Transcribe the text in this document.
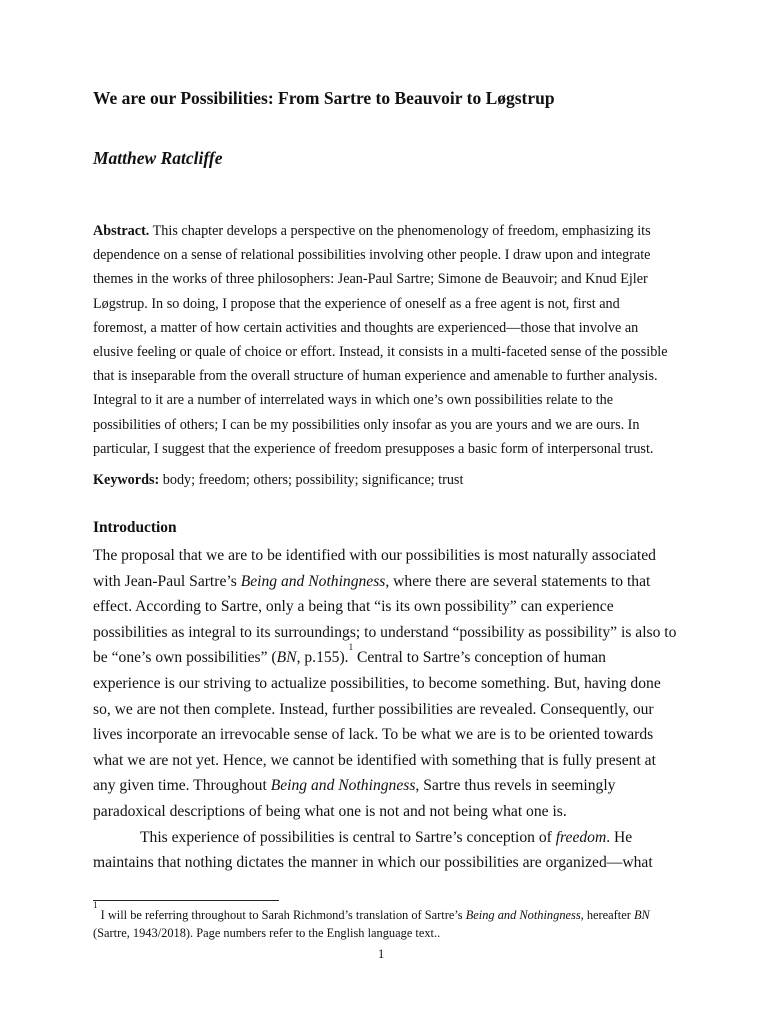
We are our Possibilities: From Sartre to Beauvoir to Løgstrup
Matthew Ratcliffe
Abstract. This chapter develops a perspective on the phenomenology of freedom, emphasizing its
dependence on a sense of relational possibilities involving other people. I draw upon and integrate
themes in the works of three philosophers: Jean-Paul Sartre; Simone de Beauvoir; and Knud Ejler
Løgstrup. In so doing, I propose that the experience of oneself as a free agent is not, first and
foremost, a matter of how certain activities and thoughts are experienced—those that involve an
elusive feeling or quale of choice or effort. Instead, it consists in a multi-faceted sense of the possible
that is inseparable from the overall structure of human experience and amenable to further analysis.
Integral to it are a number of interrelated ways in which one’s own possibilities relate to the
possibilities of others; I can be my possibilities only insofar as you are yours and we are ours. In
particular, I suggest that the experience of freedom presupposes a basic form of interpersonal trust.
Keywords: body; freedom; others; possibility; significance; trust
Introduction
The proposal that we are to be identified with our possibilities is most naturally associated
with Jean-Paul Sartre’s Being and Nothingness, where there are several statements to that
effect. According to Sartre, only a being that “is its own possibility” can experience
possibilities as integral to its surroundings; to understand “possibility as possibility” is also to
be “one’s own possibilities” (BN, p.155).$^1$ Central to Sartre’s conception of human
experience is our striving to actualize possibilities, to become something. But, having done
so, we are not then complete. Instead, further possibilities are revealed. Consequently, our
lives incorporate an irrevocable sense of lack. To be what we are is to be oriented towards
what we are not yet. Hence, we cannot be identified with something that is fully present at
any given time. Throughout Being and Nothingness, Sartre thus revels in seemingly
paradoxical descriptions of being what one is not and not being what one is.
This experience of possibilities is central to Sartre’s conception of freedom. He
maintains that nothing dictates the manner in which our possibilities are organized—what
$^1$ I will be referring throughout to Sarah Richmond’s translation of Sartre’s Being and Nothingness, hereafter BN
(Sartre, 1943/2018). Page numbers refer to the English language text..
1
